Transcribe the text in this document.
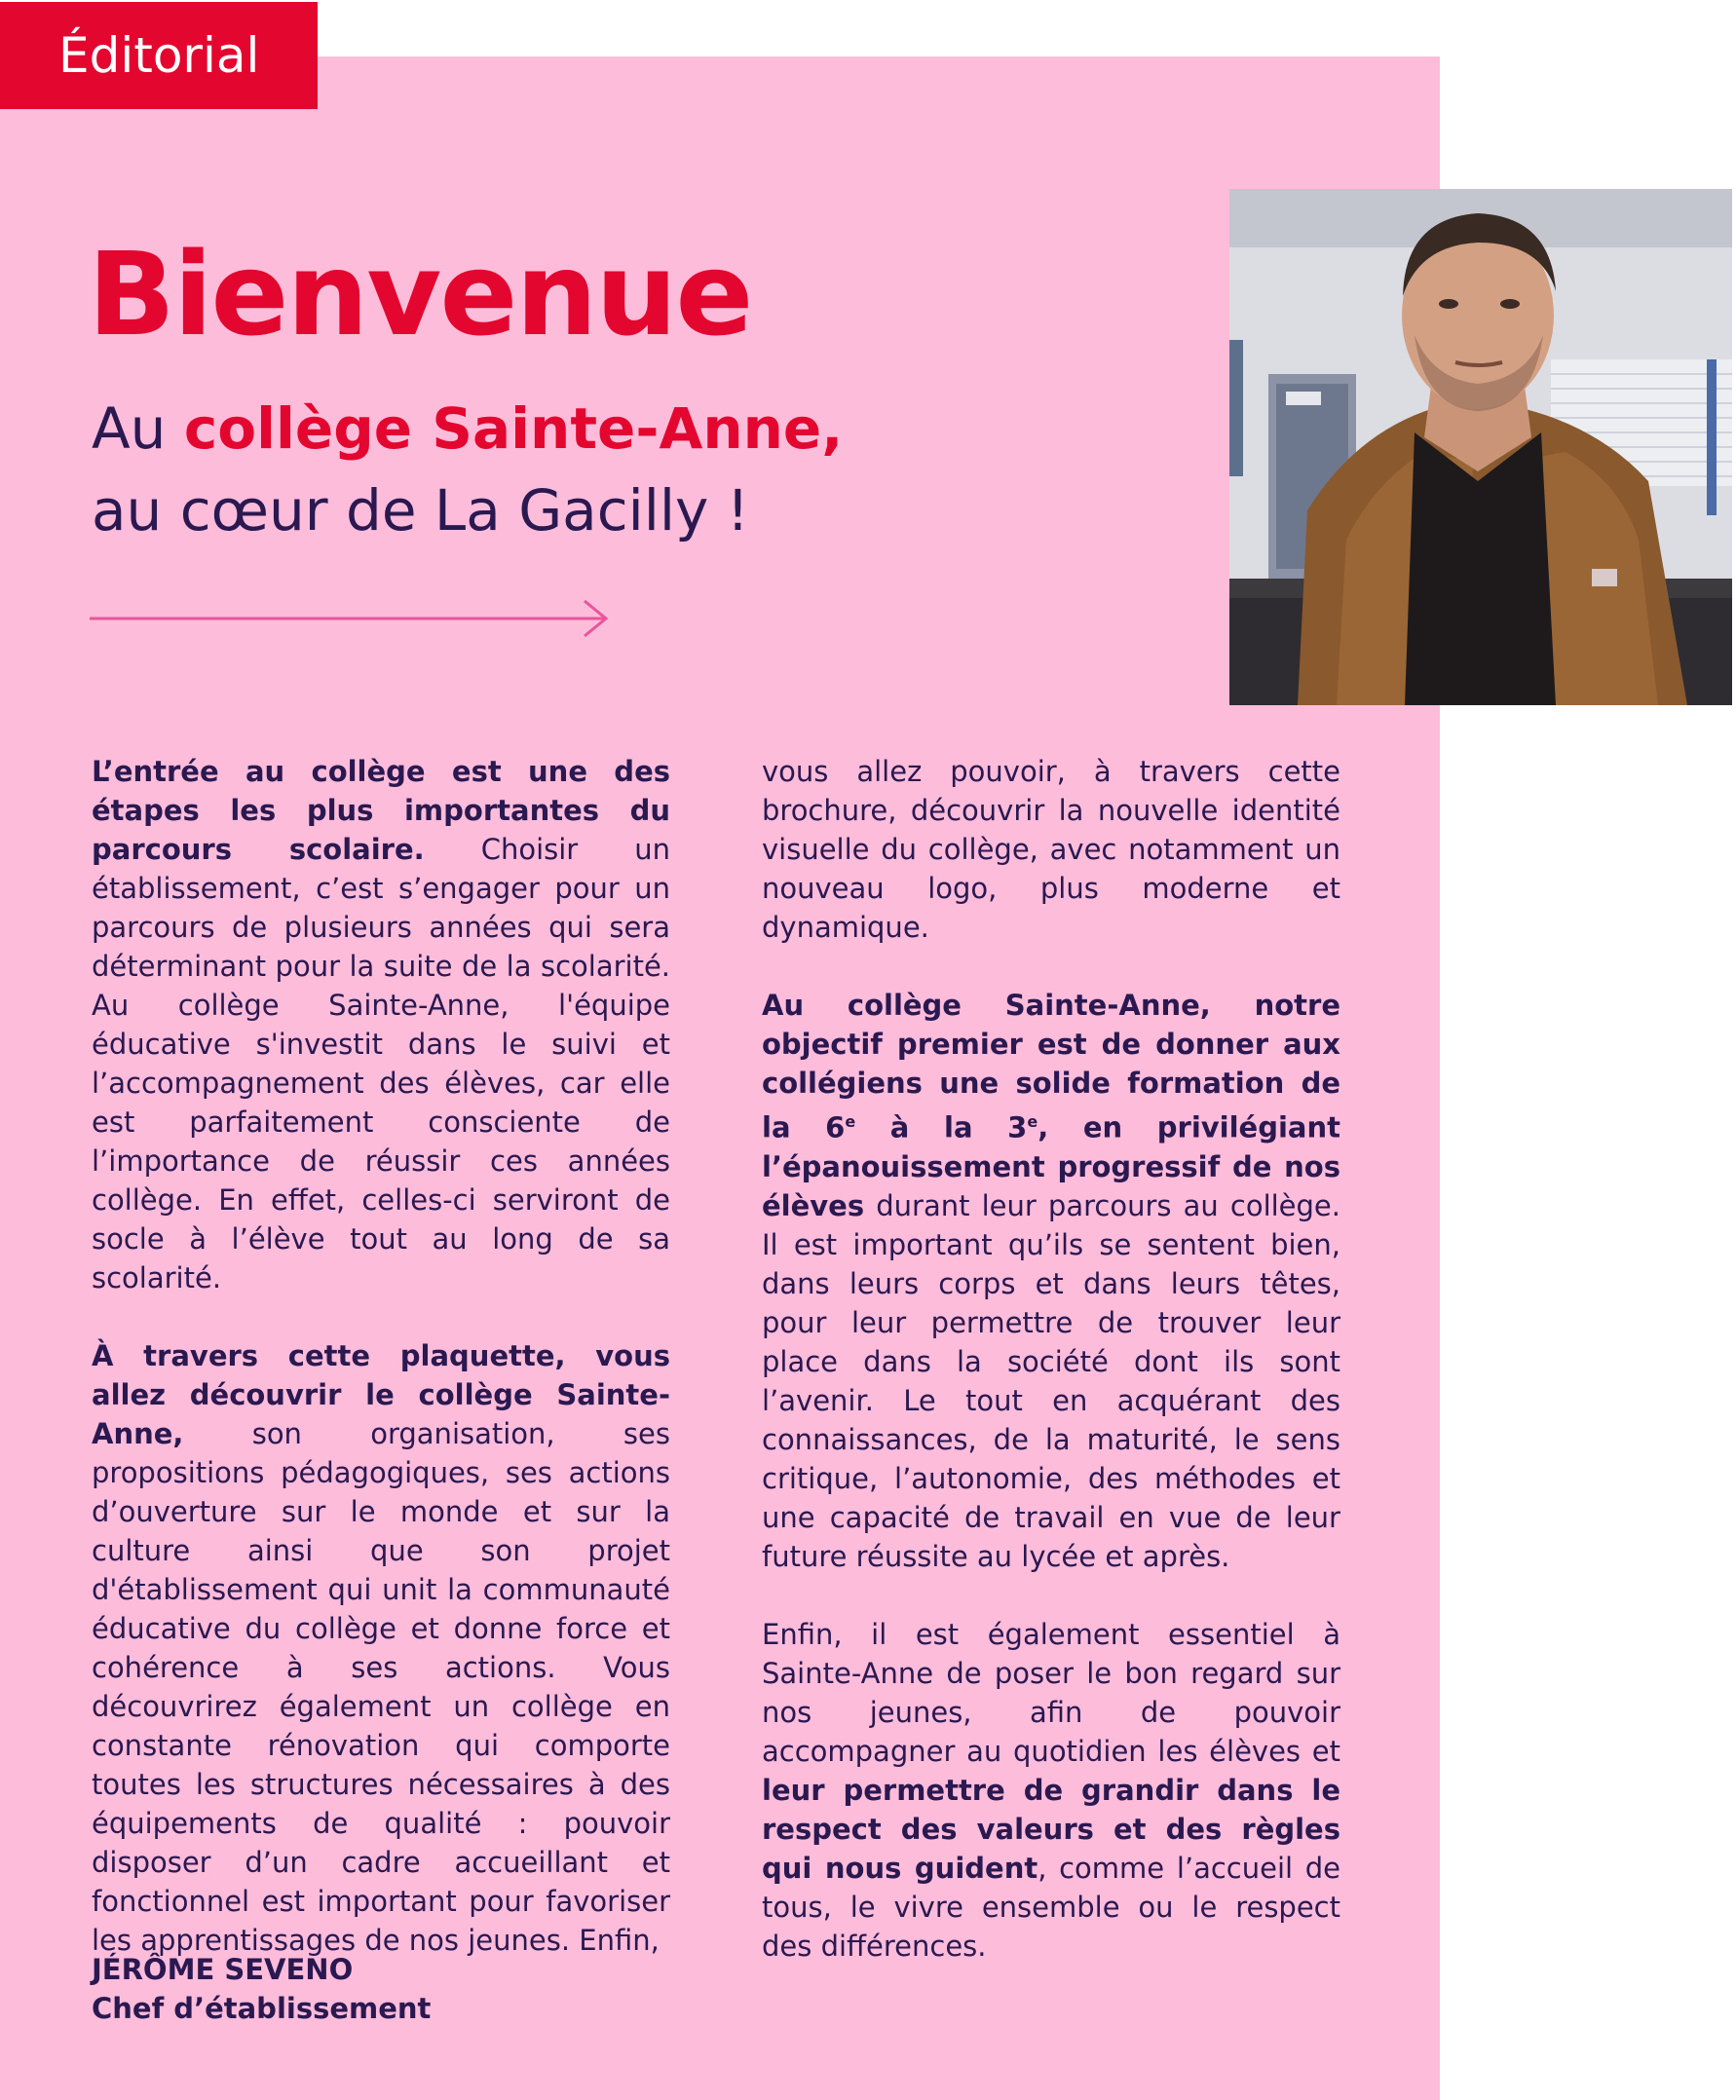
Éditorial
Bienvenue
Au collège Sainte-Anne,
au cœur de La Gacilly !

L’entrée au collège est une des étapes les plus importantes du parcours scolaire. Choisir un établissement, c’est s’engager pour un parcours de plusieurs années qui sera déterminant pour la suite de la scolarité. Au collège Sainte-Anne, l'équipe éducative s'investit dans le suivi et l’accompagnement des élèves, car elle est parfaitement consciente de l’importance de réussir ces années collège. En effet, celles-ci serviront de socle à l’élève tout au long de sa scolarité.

À travers cette plaquette, vous allez découvrir le collège Sainte-Anne, son organisation, ses propositions pédagogiques, ses actions d’ouverture sur le monde et sur la culture ainsi que son projet d'établissement qui unit la communauté éducative du collège et donne force et cohérence à ses actions. Vous découvrirez également un collège en constante rénovation qui comporte toutes les structures nécessaires à des équipements de qualité : pouvoir disposer d’un cadre accueillant et fonctionnel est important pour favoriser les apprentissages de nos jeunes. Enfin,

vous allez pouvoir, à travers cette brochure, découvrir la nouvelle identité visuelle du collège, avec notamment un nouveau logo, plus moderne et dynamique.

Au collège Sainte-Anne, notre objectif premier est de donner aux collégiens une solide formation de la 6e à la 3e, en privilégiant l’épanouissement progressif de nos élèves durant leur parcours au collège. Il est important qu’ils se sentent bien, dans leurs corps et dans leurs têtes, pour leur permettre de trouver leur place dans la société dont ils sont l’avenir. Le tout en acquérant des connaissances, de la maturité, le sens critique, l’autonomie, des méthodes et une capacité de travail en vue de leur future réussite au lycée et après.

Enfin, il est également essentiel à Sainte-Anne de poser le bon regard sur nos jeunes, afin de pouvoir accompagner au quotidien les élèves et leur permettre de grandir dans le respect des valeurs et des règles qui nous guident, comme l’accueil de tous, le vivre ensemble ou le respect des différences.

JÉRÔME SEVENO
Chef d’établissement
